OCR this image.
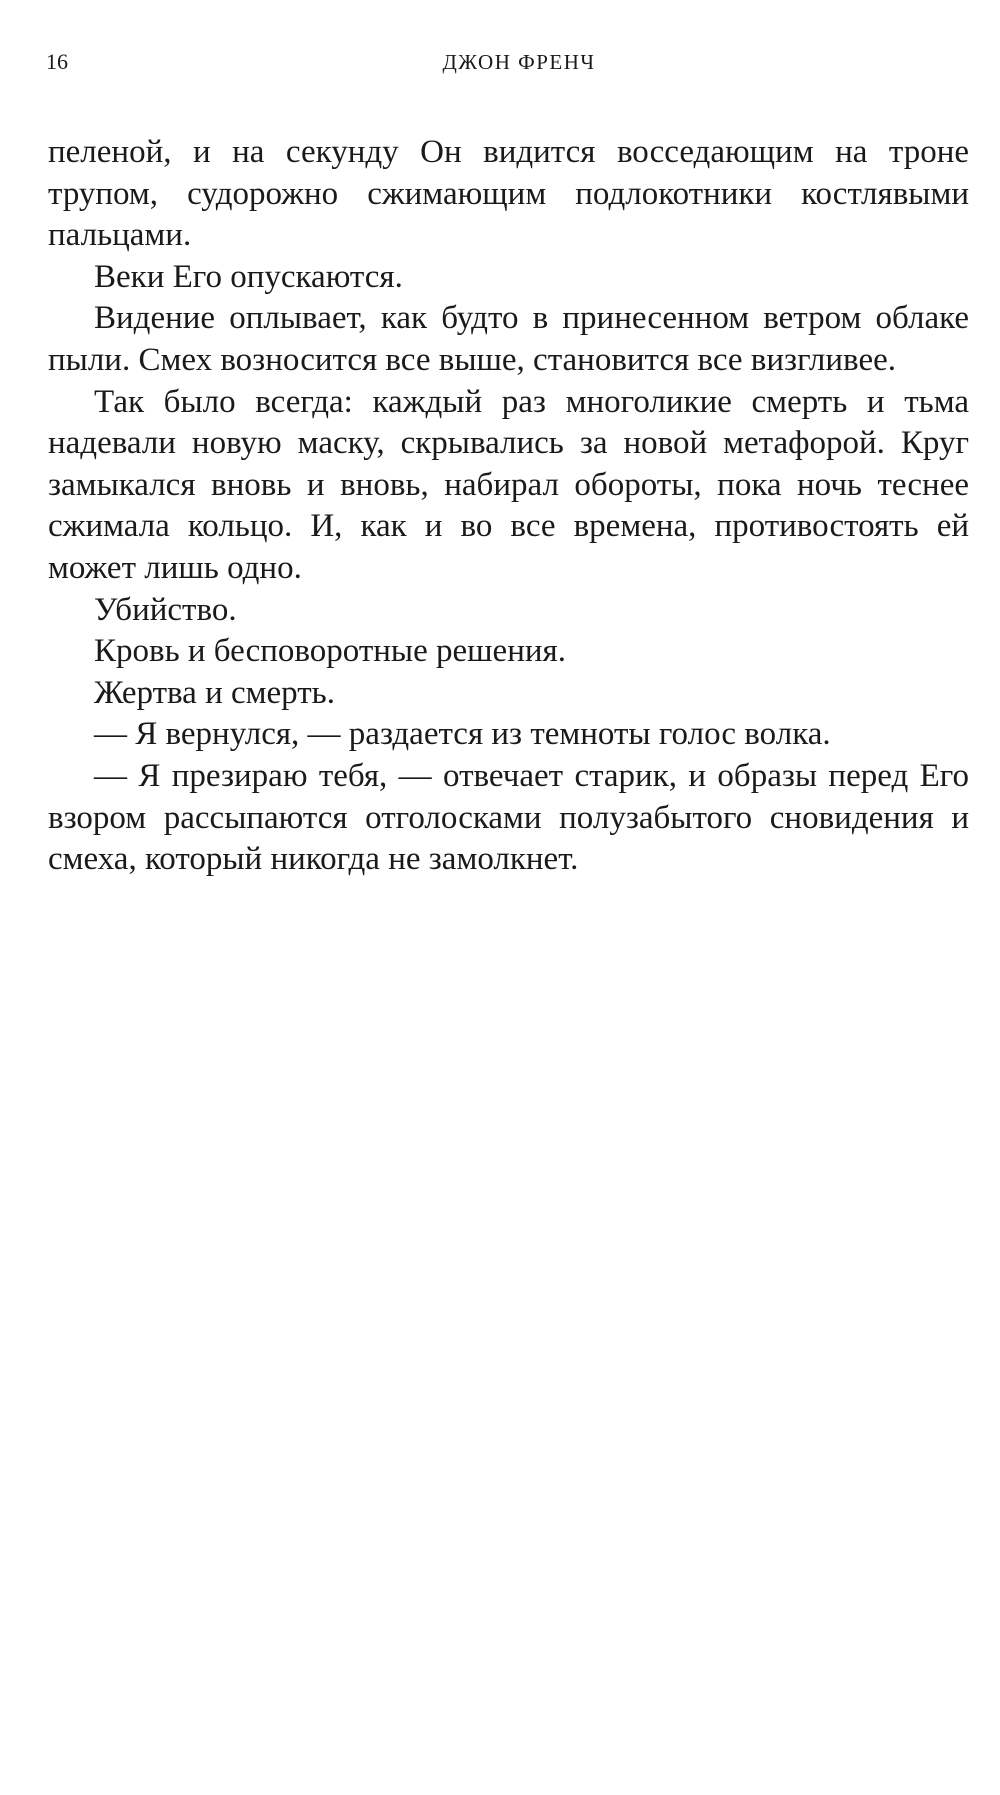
16	ДЖОН ФРЕНЧ

пеленой, и на секунду Он видится восседающим на троне трупом, судорожно сжимающим подлокотники костлявыми пальцами.

Веки Его опускаются.

Видение оплывает, как будто в принесенном ветром облаке пыли. Смех возносится все выше, становится все визгливее.

Так было всегда: каждый раз многоликие смерть и тьма надевали новую маску, скрывались за новой метафорой. Круг замыкался вновь и вновь, набирал обороты, пока ночь теснее сжимала кольцо. И, как и во все времена, противостоять ей может лишь одно.

Убийство.

Кровь и бесповоротные решения.

Жертва и смерть.

— Я вернулся, — раздается из темноты голос волка.

— Я презираю тебя, — отвечает старик, и образы перед Его взором рассыпаются отголосками полузабытого сновидения и смеха, который никогда не замолкнет.
